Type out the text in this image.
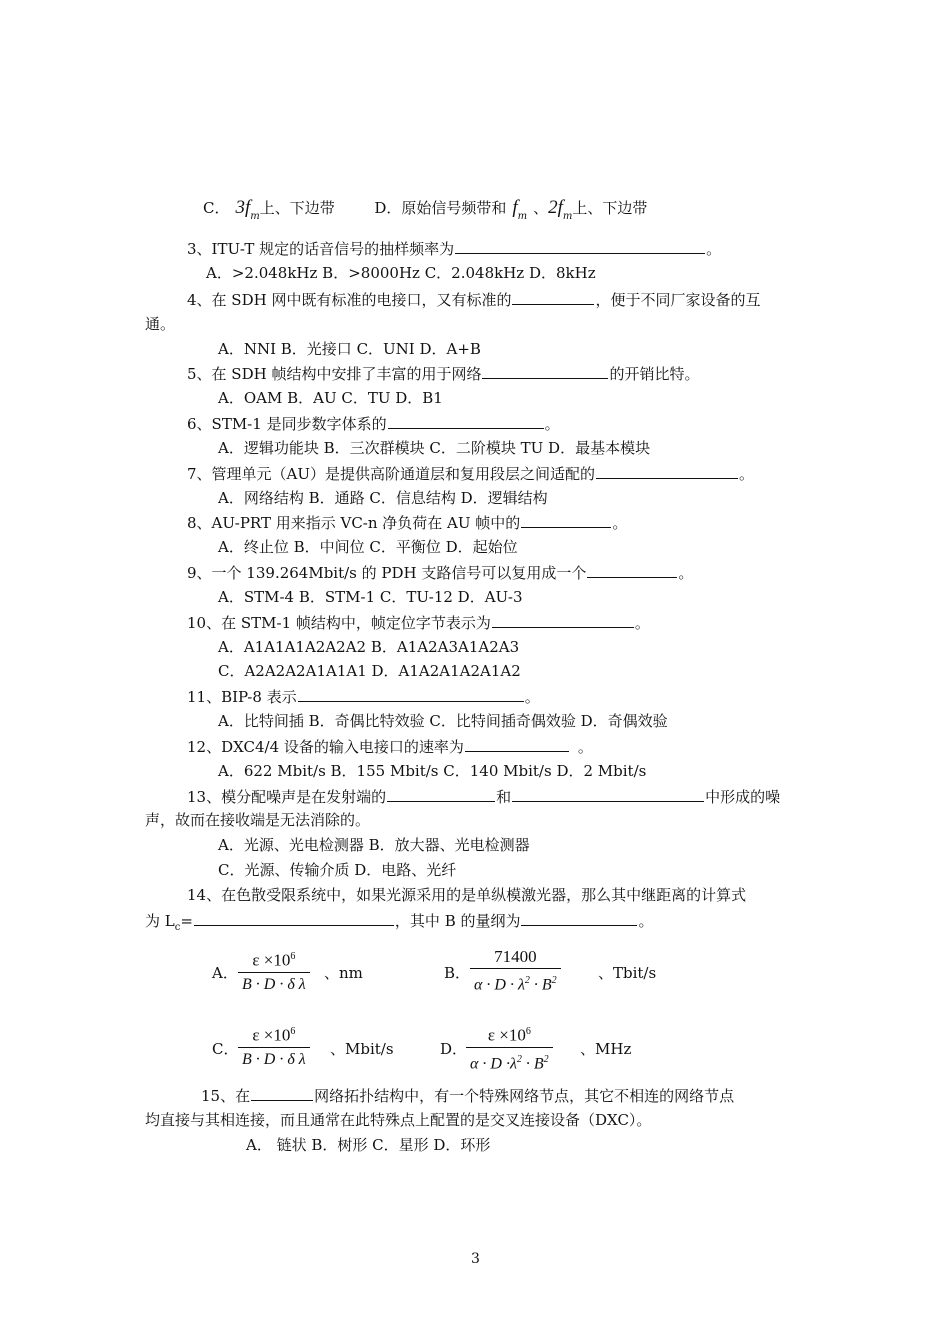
C． $3f_m$上、下边带	D．原始信号频带和 $f_m$ 、$2f_m$上、下边带
3、ITU-T 规定的话音信号的抽样频率为	。
A．>2.048kHz B．>8000Hz C．2.048kHz D．8kHz
4、在 SDH 网中既有标准的电接口，又有标准的	，便于不同厂家设备的互
通。
A．NNI B．光接口 C．UNI D．A+B
5、在 SDH 帧结构中安排了丰富的用于网络	的开销比特。
A．OAM B．AU C．TU D．B1
6、STM-1 是同步数字体系的	。
A．逻辑功能块 B．三次群模块 C．二阶模块 TU D．最基本模块
7、管理单元（AU）是提供高阶通道层和复用段层之间适配的	。
A．网络结构 B．通路 C．信息结构 D．逻辑结构
8、AU-PRT 用来指示 VC-n 净负荷在 AU 帧中的	。
A．终止位 B．中间位 C．平衡位 D．起始位
9、一个 139.264Mbit/s 的 PDH 支路信号可以复用成一个	。
A．STM-4 B．STM-1 C．TU-12 D．AU-3
10、在 STM-1 帧结构中，帧定位字节表示为	。
A．A1A1A1A2A2A2 B．A1A2A3A1A2A3
C．A2A2A2A1A1A1 D．A1A2A1A2A1A2
11、BIP-8 表示	。
A．比特间插 B．奇偶比特效验 C．比特间插奇偶效验 D．奇偶效验
12、DXC4/4 设备的输入电接口的速率为	。
A．622 Mbit/s B．155 Mbit/s C．140 Mbit/s D．2 Mbit/s
13、模分配噪声是在发射端的	和	中形成的噪
声，故而在接收端是无法消除的。
A．光源、光电检测器 B．放大器、光电检测器
C．光源、传输介质 D．电路、光纤
14、在色散受限系统中，如果光源采用的是单纵模激光器，那么其中继距离的计算式
为 $L_c=$	，其中 B 的量纲为	。
A． $\frac{\varepsilon \times 10^6}{\text{B · D · δ λ}}$ 、nm	B． $\frac{71400}{\alpha \cdot D \cdot \lambda^2 \cdot B^2}$ 、Tbit/s
C． $\frac{\varepsilon \times 10^6}{\text{B · D · δ λ}}$ 、Mbit/s	D．
$\frac{\varepsilon \times 10^6}{\alpha \cdot D \cdot\lambda^2 \cdot B^2}$ 、MHz
15、在	网络拓扑结构中，有一个特殊网络节点，其它不相连的网络节点
均直接与其相连接，而且通常在此特殊点上配置的是交叉连接设备（DXC）。
A． 链状 B．树形 C．星形 D．环形
3
